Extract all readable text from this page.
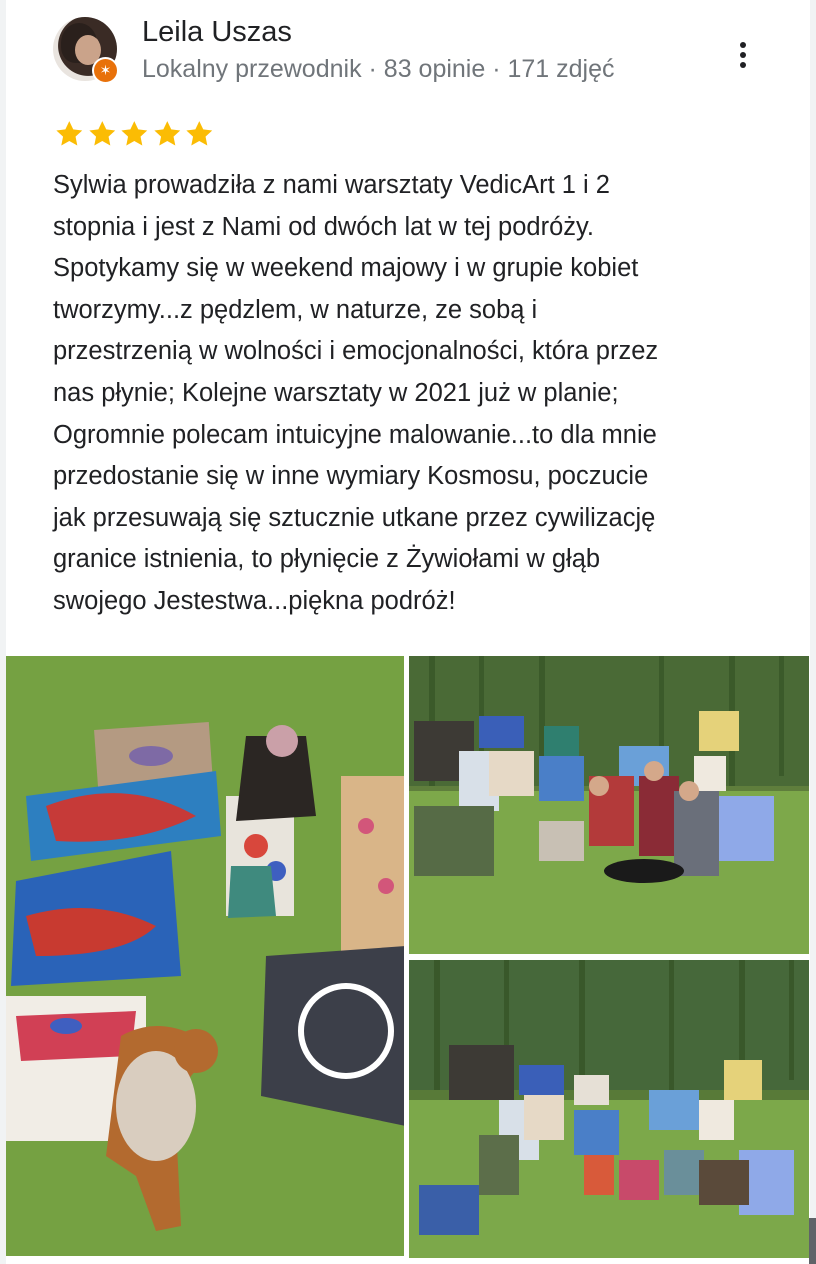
✶
Leila Uszas
Lokalny przewodnik · 83 opinie · 171 zdjęć

Sylwia prowadziła z nami warsztaty VedicArt 1 i 2
stopnia i jest z Nami od dwóch lat w tej podróży.
Spotykamy się w weekend majowy i w grupie kobiet
tworzymy...z pędzlem, w naturze, ze sobą i
przestrzenią w wolności i emocjonalności, która przez
nas płynie; Kolejne warsztaty w 2021 już w planie;
Ogromnie polecam intuicyjne malowanie...to dla mnie
przedostanie się w inne wymiary Kosmosu, poczucie
jak przesuwają się sztucznie utkane przez cywilizację
granice istnienia, to płynięcie z Żywiołami w głąb
swojego Jestestwa...piękna podróż!
